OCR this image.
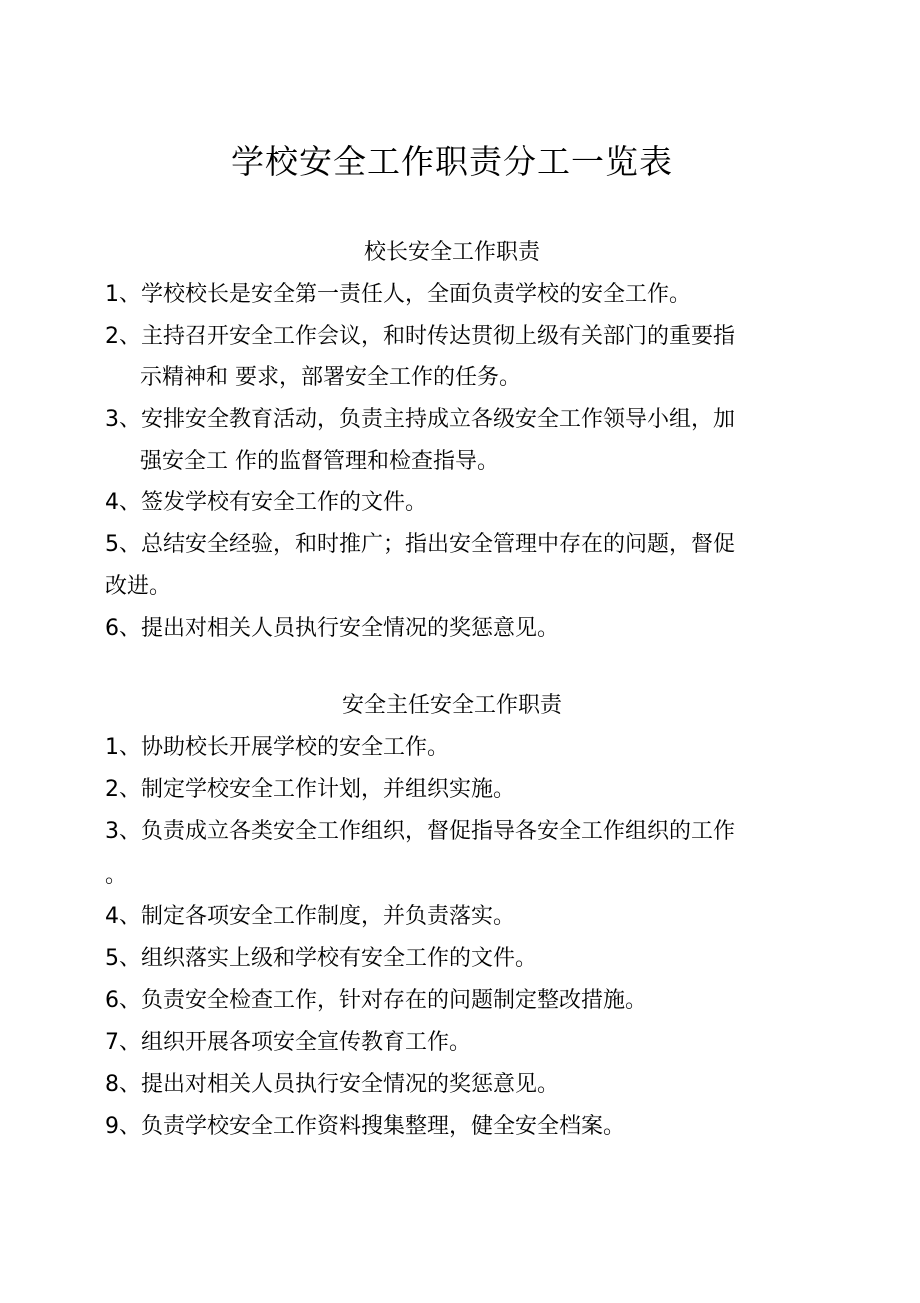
学校安全工作职责分工一览表
校长安全工作职责
1、学校校长是安全第一责任人，全面负责学校的安全工作。
2、主持召开安全工作会议，和时传达贯彻上级有关部门的重要指
示精神和 要求，部署安全工作的任务。
3、安排安全教育活动，负责主持成立各级安全工作领导小组，加
强安全工 作的监督管理和检查指导。
4、签发学校有安全工作的文件。
5、总结安全经验，和时推广；指出安全管理中存在的问题，督促
改进。
6、提出对相关人员执行安全情况的奖惩意见。
安全主任安全工作职责
1、协助校长开展学校的安全工作。
2、制定学校安全工作计划，并组织实施。
3、负责成立各类安全工作组织，督促指导各安全工作组织的工作
。
4、制定各项安全工作制度，并负责落实。
5、组织落实上级和学校有安全工作的文件。
6、负责安全检查工作，针对存在的问题制定整改措施。
7、组织开展各项安全宣传教育工作。
8、提出对相关人员执行安全情况的奖惩意见。
9、负责学校安全工作资料搜集整理，健全安全档案。
